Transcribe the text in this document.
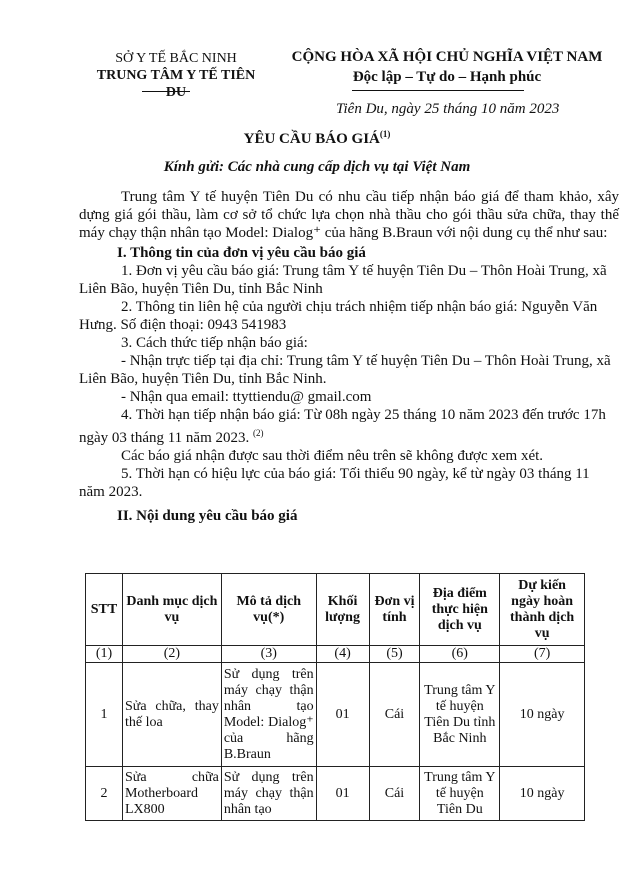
SỞ Y TẾ BẮC NINH
TRUNG TÂM Y TẾ TIÊN DU
CỘNG HÒA XÃ HỘI CHỦ NGHĨA VIỆT NAM
Độc lập – Tự do – Hạnh phúc
Tiên Du, ngày 25 tháng 10 năm 2023
YÊU CẦU BÁO GIÁ$^{(1)}$
Kính gửi: Các nhà cung cấp dịch vụ tại Việt Nam

Trung tâm Y tế huyện Tiên Du có nhu cầu tiếp nhận báo giá để tham khảo, xây dựng giá gói thầu, làm cơ sở tổ chức lựa chọn nhà thầu cho gói thầu sửa chữa, thay thế máy chạy thận nhân tạo Model: Dialog⁺ của hãng B.Braun với nội dung cụ thể như sau:

I. Thông tin của đơn vị yêu cầu báo giá

1. Đơn vị yêu cầu báo giá: Trung tâm Y tế huyện Tiên Du – Thôn Hoài Trung, xã Liên Bão, huyện Tiên Du, tỉnh Bắc Ninh

2. Thông tin liên hệ của người chịu trách nhiệm tiếp nhận báo giá: Nguyễn Văn Hưng. Số điện thoại: 0943 541983

3. Cách thức tiếp nhận báo giá:

- Nhận trực tiếp tại địa chỉ: Trung tâm Y tế huyện Tiên Du – Thôn Hoài Trung, xã Liên Bão, huyện Tiên Du, tỉnh Bắc Ninh.

- Nhận qua email: ttyttiendu@ gmail.com

4. Thời hạn tiếp nhận báo giá: Từ 08h ngày 25 tháng 10 năm 2023 đến trước 17h ngày 03 tháng 11 năm 2023. $^{(2)}$

Các báo giá nhận được sau thời điểm nêu trên sẽ không được xem xét.

5. Thời hạn có hiệu lực của báo giá: Tối thiểu 90 ngày, kể từ ngày 03 tháng 11 năm 2023.

II. Nội dung yêu cầu báo giá

STT	Danh mục dịch vụ	Mô tả dịch vụ(*)	Khối lượng	Đơn vị tính	Địa điểm thực hiện dịch vụ	Dự kiến ngày hoàn thành dịch vụ
(1)	(2)	(3)	(4)	(5)	(6)	(7)
1	Sửa chữa, thay thế loa	Sử dụng trên máy chạy thận nhân tạo Model: Dialog⁺ của hãng B.Braun	01	Cái	Trung tâm Y tế huyện Tiên Du tỉnh Bắc Ninh	10 ngày
2	Sửa chữa Motherboard LX800	Sử dụng trên máy chạy thận nhân tạo	01	Cái	Trung tâm Y tế huyện Tiên Du	10 ngày
